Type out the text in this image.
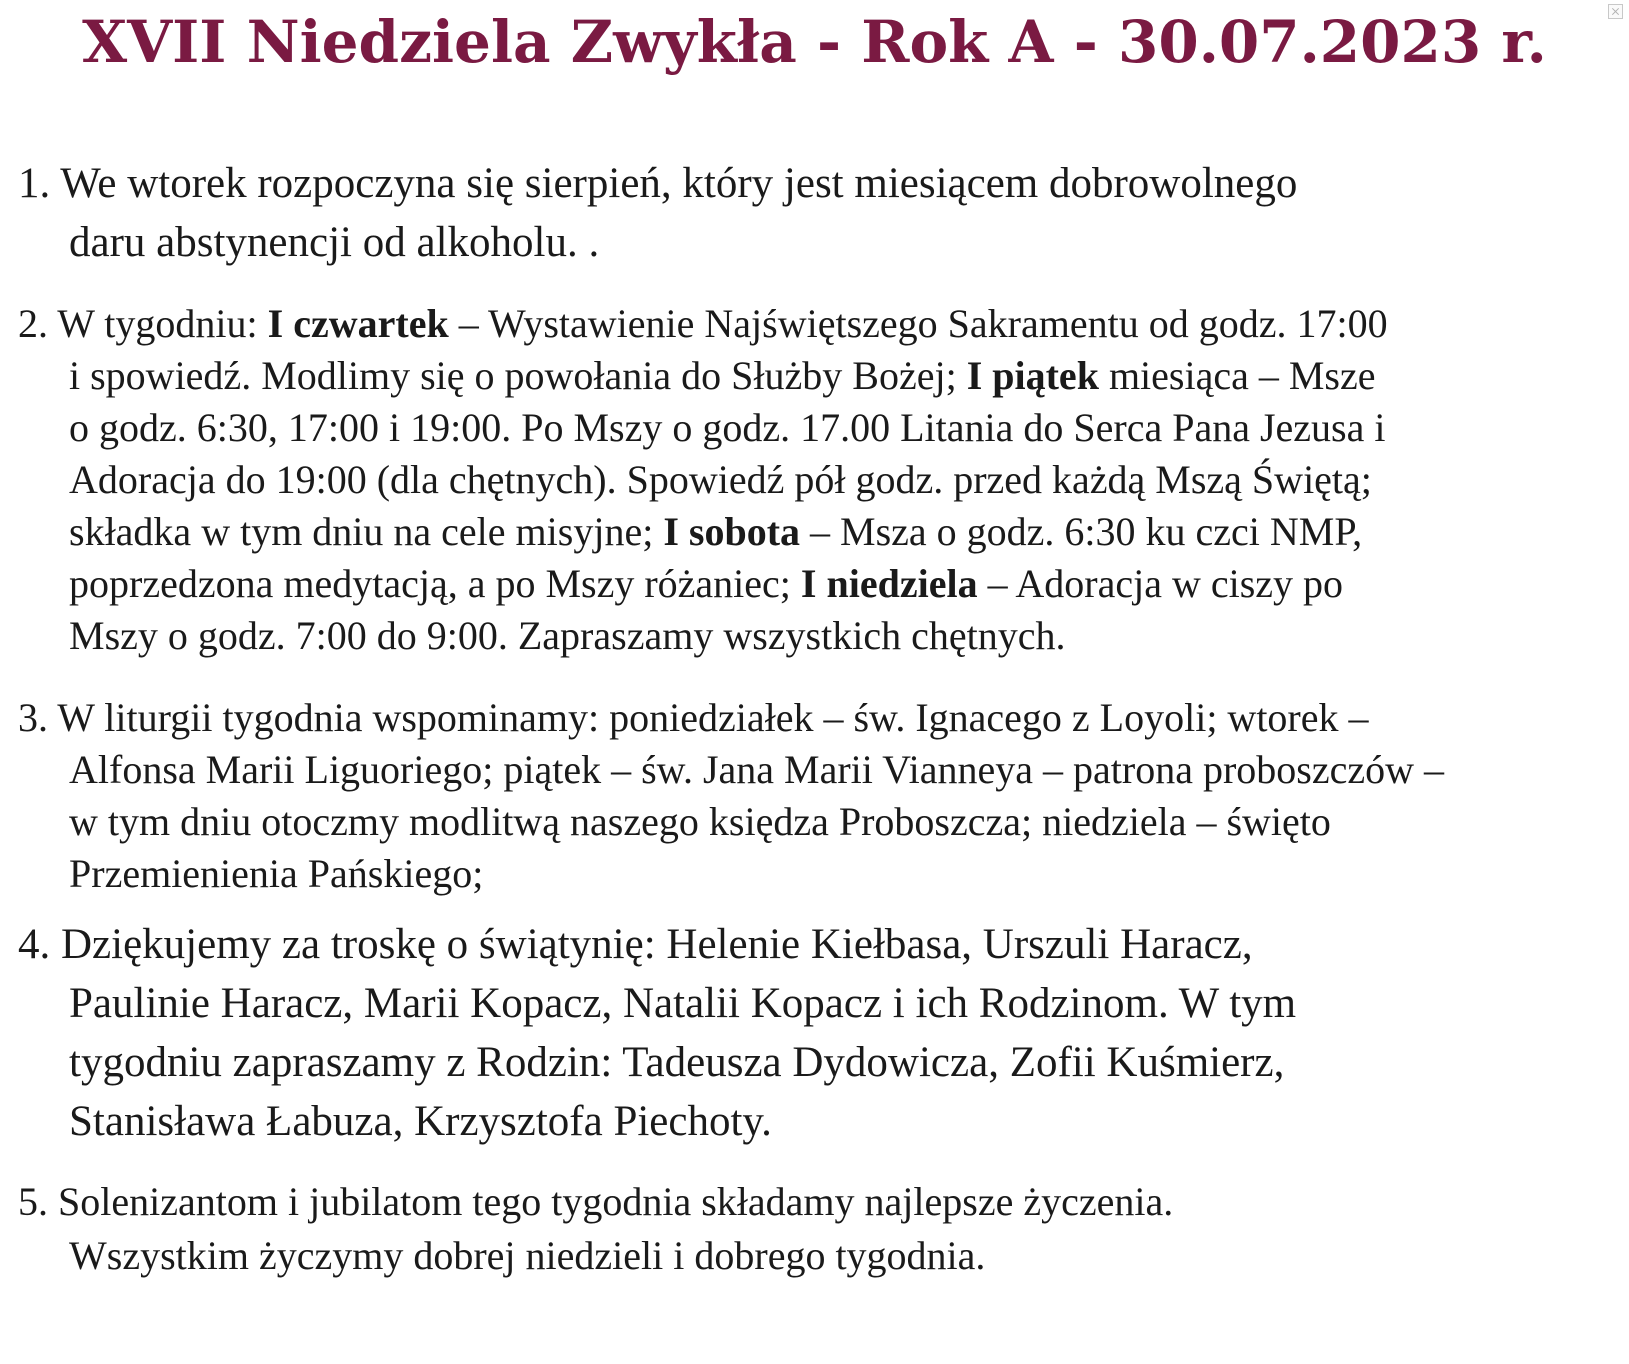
XVII Niedziela Zwykła - Rok A - 30.07.2023 r.
1. We wtorek rozpoczyna się sierpień, który jest miesiącem dobrowolnego
daru abstynencji od alkoholu. .
2. W tygodniu: I czwartek – Wystawienie Najświętszego Sakramentu od godz. 17:00
i spowiedź. Modlimy się o powołania do Służby Bożej; I piątek miesiąca – Msze
o godz. 6:30, 17:00 i 19:00. Po Mszy o godz. 17.00 Litania do Serca Pana Jezusa i
Adoracja do 19:00 (dla chętnych). Spowiedź pół godz. przed każdą Mszą Świętą;
składka w tym dniu na cele misyjne; I sobota – Msza o godz. 6:30 ku czci NMP,
poprzedzona medytacją, a po Mszy różaniec; I niedziela – Adoracja w ciszy po
Mszy o godz. 7:00 do 9:00. Zapraszamy wszystkich chętnych.
3. W liturgii tygodnia wspominamy: poniedziałek – św. Ignacego z Loyoli; wtorek –
Alfonsa Marii Liguoriego; piątek – św. Jana Marii Vianneya – patrona proboszczów –
w tym dniu otoczmy modlitwą naszego księdza Proboszcza; niedziela – święto
Przemienienia Pańskiego;
4. Dziękujemy za troskę o świątynię: Helenie Kiełbasa, Urszuli Haracz,
Paulinie Haracz, Marii Kopacz, Natalii Kopacz i ich Rodzinom. W tym
tygodniu zapraszamy z Rodzin: Tadeusza Dydowicza, Zofii Kuśmierz,
Stanisława Łabuza, Krzysztofa Piechoty.
5. Solenizantom i jubilatom tego tygodnia składamy najlepsze życzenia.
Wszystkim życzymy dobrej niedzieli i dobrego tygodnia.
